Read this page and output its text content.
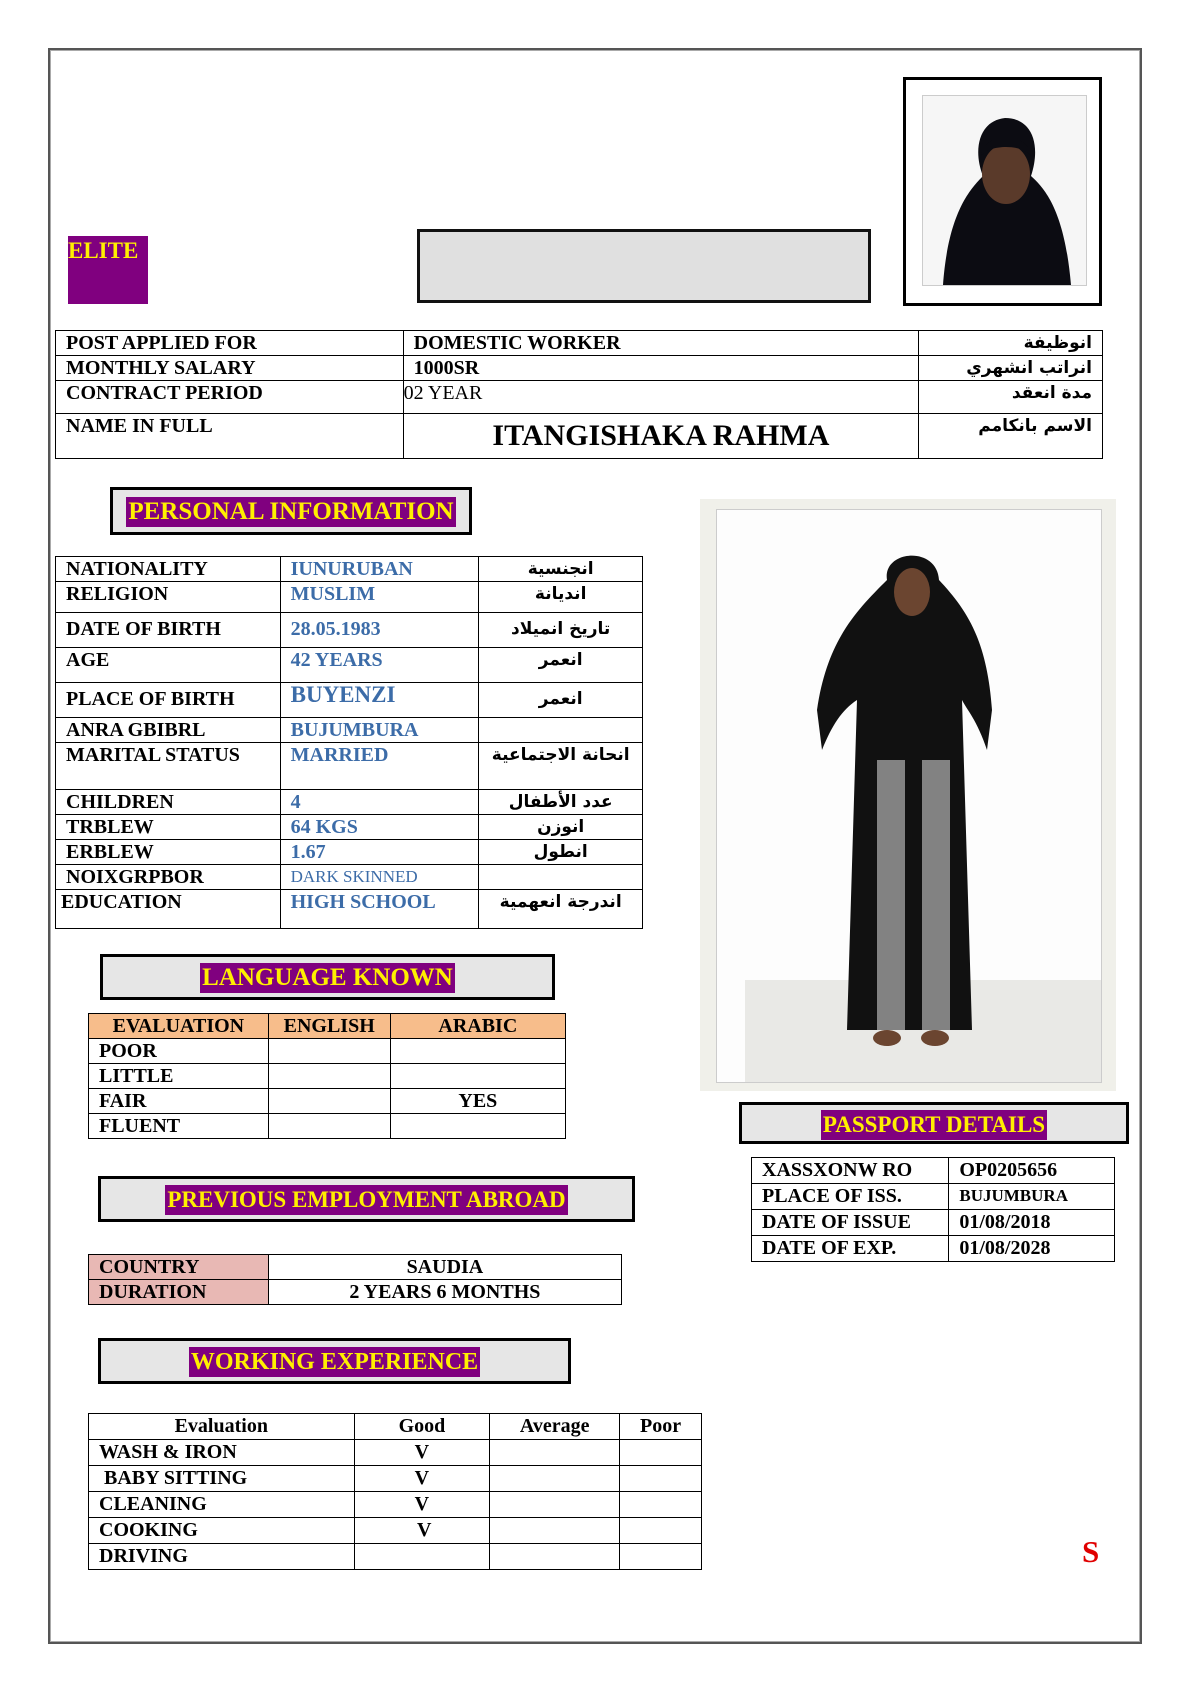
ELITE
POST APPLIED FOR	DOMESTIC WORKER	انوظيفة
MONTHLY SALARY	1000SR	انراتب انشهري
CONTRACT PERIOD	02 YEAR	مدة انعقد
NAME IN FULL	ITANGISHAKA RAHMA	الاسم بانكامم
PERSONAL INFORMATION
NATIONALITY	IUNURUBAN	انجنسية
RELIGION	MUSLIM	انديانة
DATE OF BIRTH	28.05.1983	تاريخ انميلاد
AGE	42 YEARS	انعمر
PLACE OF BIRTH	BUYENZI	انعمر
ANRA GBIBRL	BUJUMBURA	
MARITAL STATUS	MARRIED	انحانة الاجتماعية
CHILDREN	4	عدد الأطفال
TRBLEW	64 KGS	انوزن
ERBLEW	1.67	انطول
NOIXGRPBOR	DARK SKINNED	
EDUCATION	HIGH SCHOOL	اندرجة انعهمية
LANGUAGE KNOWN
EVALUATION	ENGLISH	ARABIC
POOR		
LITTLE		
FAIR		YES
FLUENT			PASSPORT DETAILS
XASSXONW RO	OP0205656
PLACE OF ISS.	BUJUMBURA
DATE OF ISSUE	01/08/2018
DATE OF EXP.	01/08/2028
PREVIOUS EMPLOYMENT ABROAD
COUNTRY	SAUDIA
DURATION	2 YEARS 6 MONTHS
WORKING EXPERIENCE
Evaluation	Good	Average	Poor
WASH & IRON	V		
BABY SITTING	V		
CLEANING	V		
COOKING	V		
DRIVING				S
